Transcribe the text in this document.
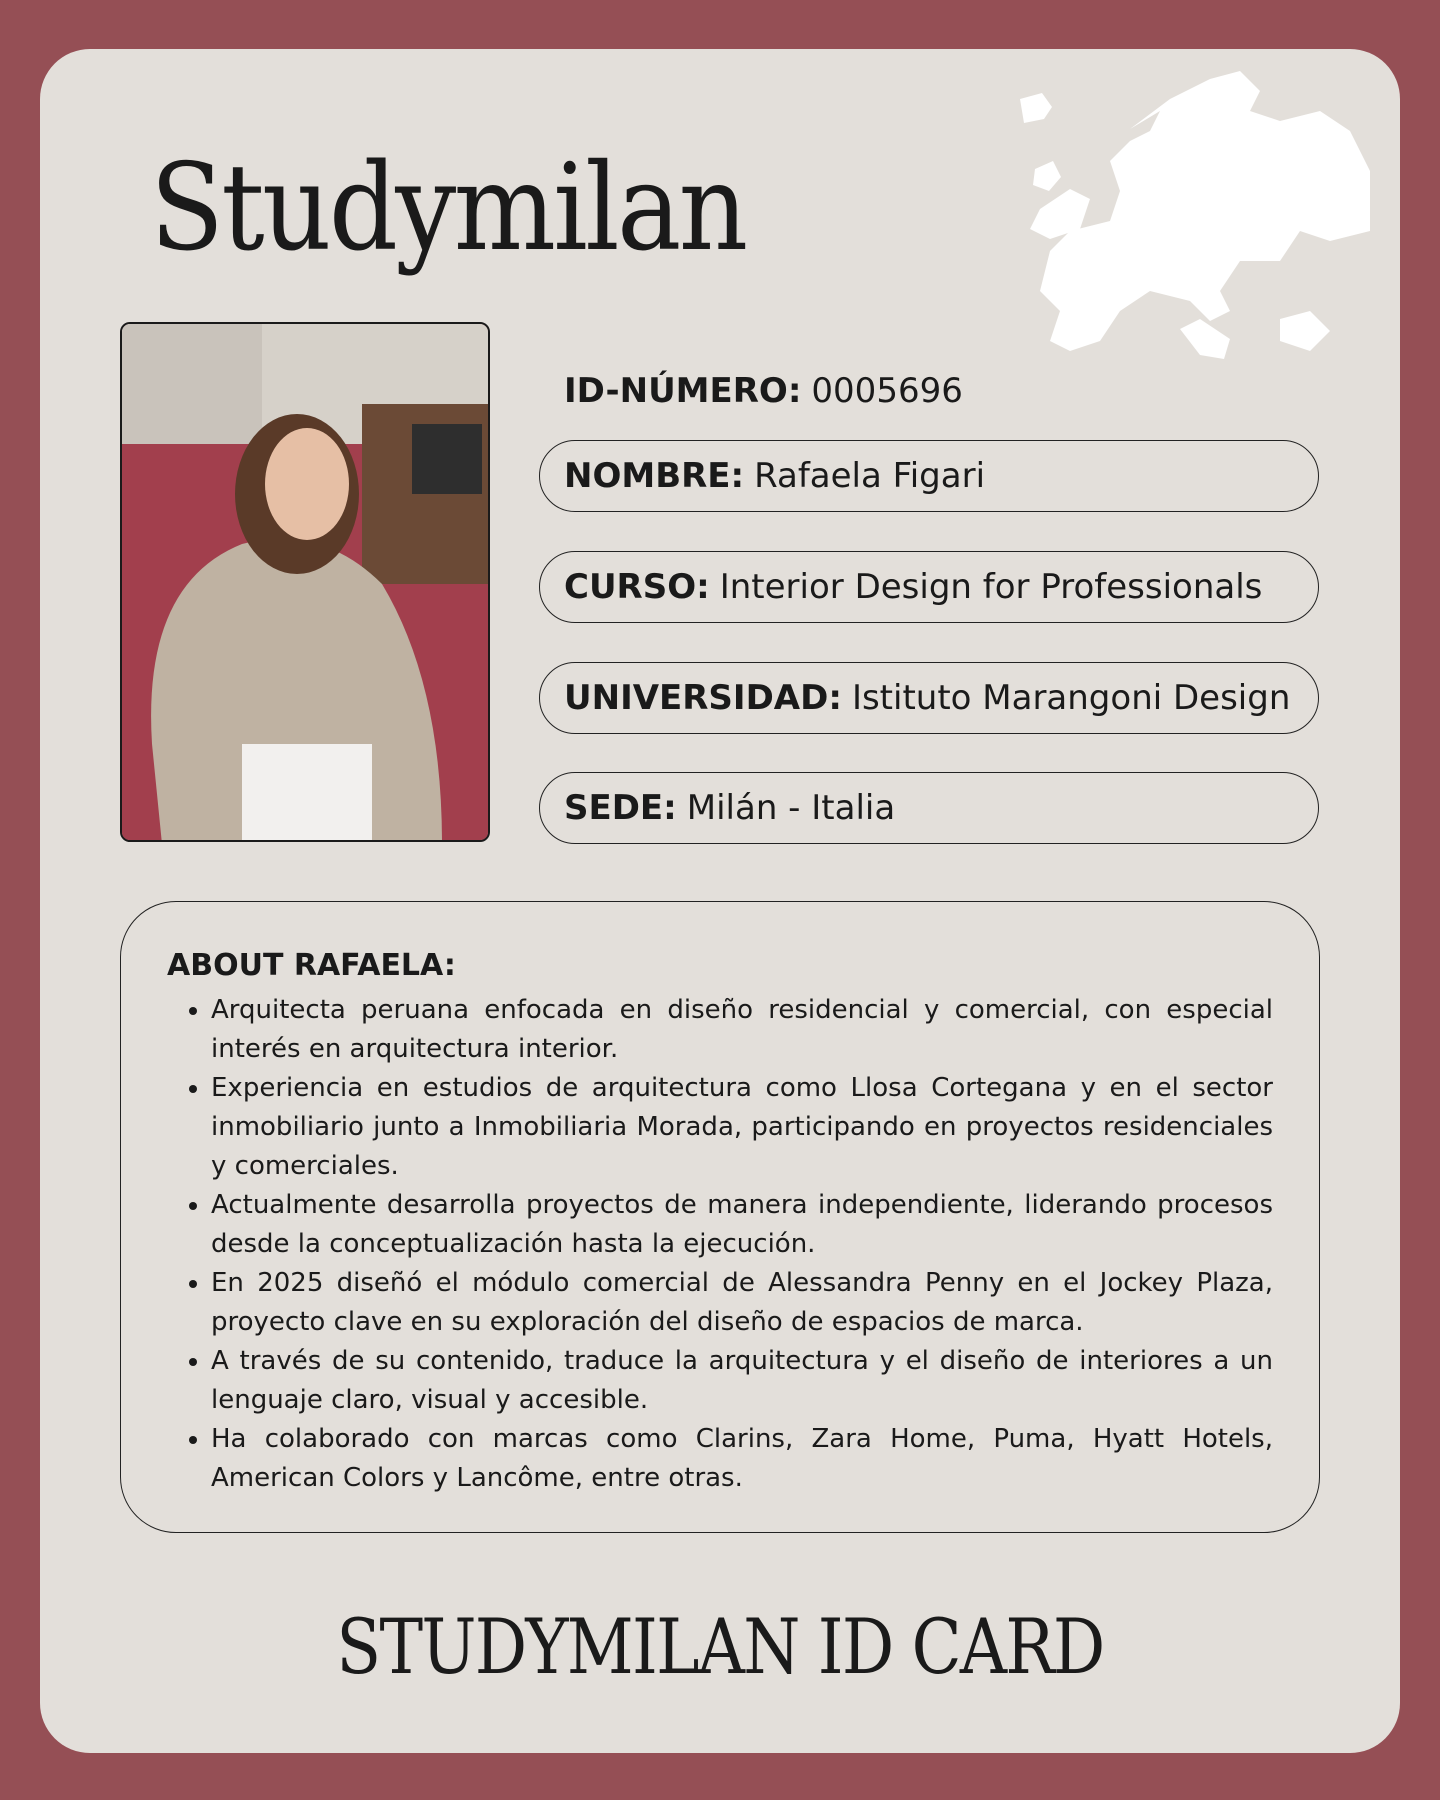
Studymilan
ID-NÚMERO: 0005696
NOMBRE: Rafaela Figari
CURSO: Interior Design for Professionals
UNIVERSIDAD: Istituto Marangoni Design
SEDE: Milán - Italia
ABOUT RAFAELA:
• Arquitecta peruana enfocada en diseño residencial y comercial, con especial interés en arquitectura interior.
• Experiencia en estudios de arquitectura como Llosa Cortegana y en el sector inmobiliario junto a Inmobiliaria Morada, participando en proyectos residenciales y comerciales.
• Actualmente desarrolla proyectos de manera independiente, liderando procesos desde la conceptualización hasta la ejecución.
• En 2025 diseñó el módulo comercial de Alessandra Penny en el Jockey Plaza, proyecto clave en su exploración del diseño de espacios de marca.
• A través de su contenido, traduce la arquitectura y el diseño de interiores a un lenguaje claro, visual y accesible.
• Ha colaborado con marcas como Clarins, Zara Home, Puma, Hyatt Hotels, American Colors y Lancôme, entre otras.
STUDYMILAN ID CARD
